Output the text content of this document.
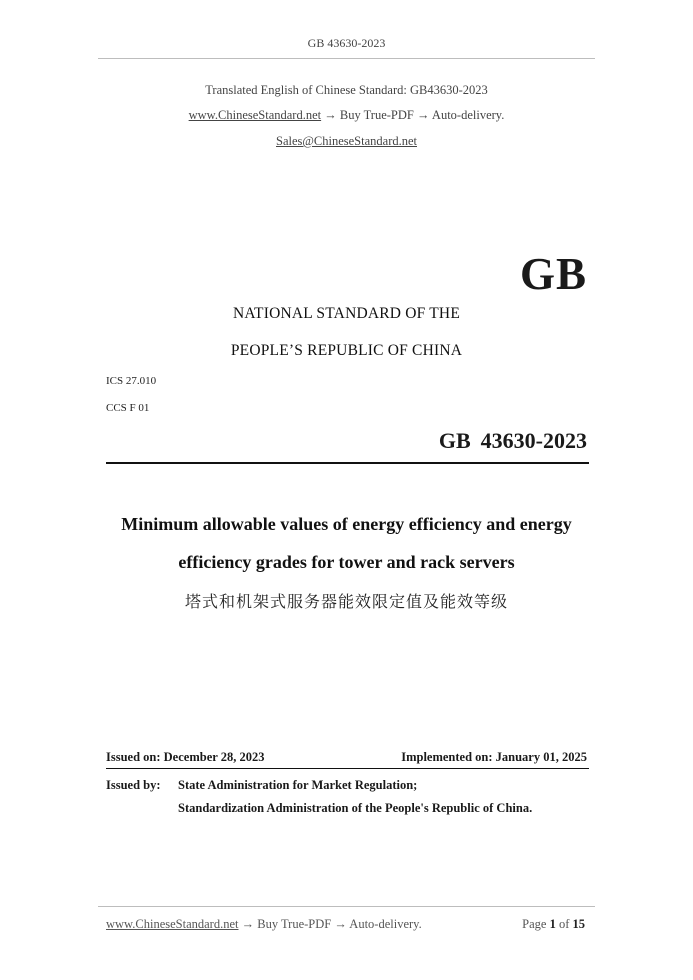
GB 43630-2023
Translated English of Chinese Standard: GB43630-2023
www.ChineseStandard.net → Buy True-PDF → Auto-delivery.
Sales@ChineseStandard.net
GB
NATIONAL STANDARD OF THE
PEOPLE’S REPUBLIC OF CHINA
ICS 27.010
CCS F 01
GB 43630-2023
Minimum allowable values of energy efficiency and energy
efficiency grades for tower and rack servers
塔式和机架式服务器能效限定值及能效等级
Issued on: December 28, 2023	Implemented on: January 01, 2025
Issued by: State Administration for Market Regulation;
Standardization Administration of the People's Republic of China.
www.ChineseStandard.net → Buy True-PDF → Auto-delivery.	Page 1 of 15
